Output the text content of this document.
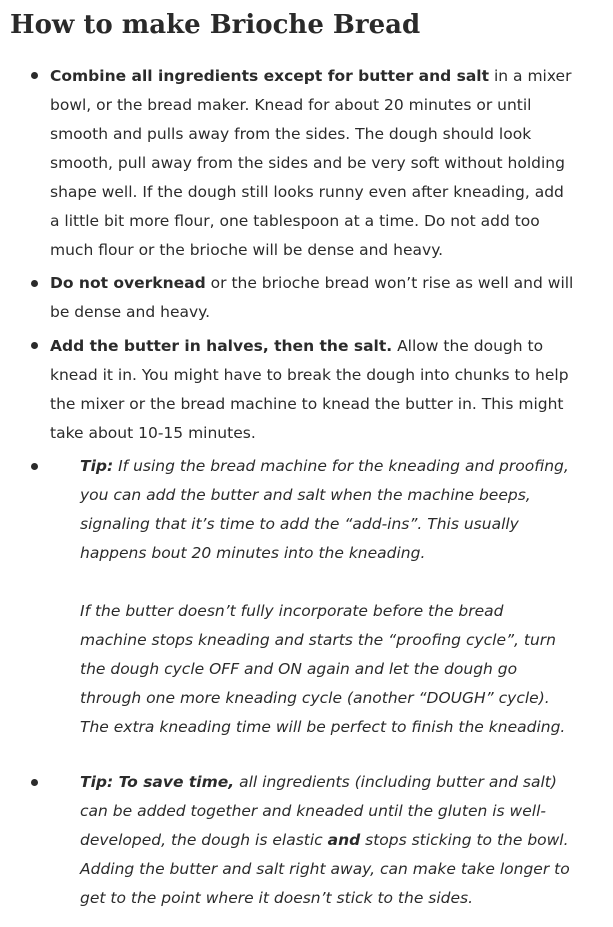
How to make Brioche Bread
Combine all ingredients except for butter and salt in a mixer
bowl, or the bread maker. Knead for about 20 minutes or until
smooth and pulls away from the sides. The dough should look
smooth, pull away from the sides and be very soft without holding
shape well. If the dough still looks runny even after kneading, add
a little bit more flour, one tablespoon at a time. Do not add too
much flour or the brioche will be dense and heavy.
Do not overknead or the brioche bread won’t rise as well and will
be dense and heavy.
Add the butter in halves, then the salt. Allow the dough to
knead it in. You might have to break the dough into chunks to help
the mixer or the bread machine to knead the butter in. This might
take about 10-15 minutes.
Tip: If using the bread machine for the kneading and proofing,
you can add the butter and salt when the machine beeps,
signaling that it’s time to add the “add-ins”. This usually
happens bout 20 minutes into the kneading.

If the butter doesn’t fully incorporate before the bread
machine stops kneading and starts the “proofing cycle”, turn
the dough cycle OFF and ON again and let the dough go
through one more kneading cycle (another “DOUGH” cycle).
The extra kneading time will be perfect to finish the kneading.
Tip: To save time, all ingredients (including butter and salt)
can be added together and kneaded until the gluten is well-
developed, the dough is elastic and stops sticking to the bowl.
Adding the butter and salt right away, can make take longer to
get to the point where it doesn’t stick to the sides.
